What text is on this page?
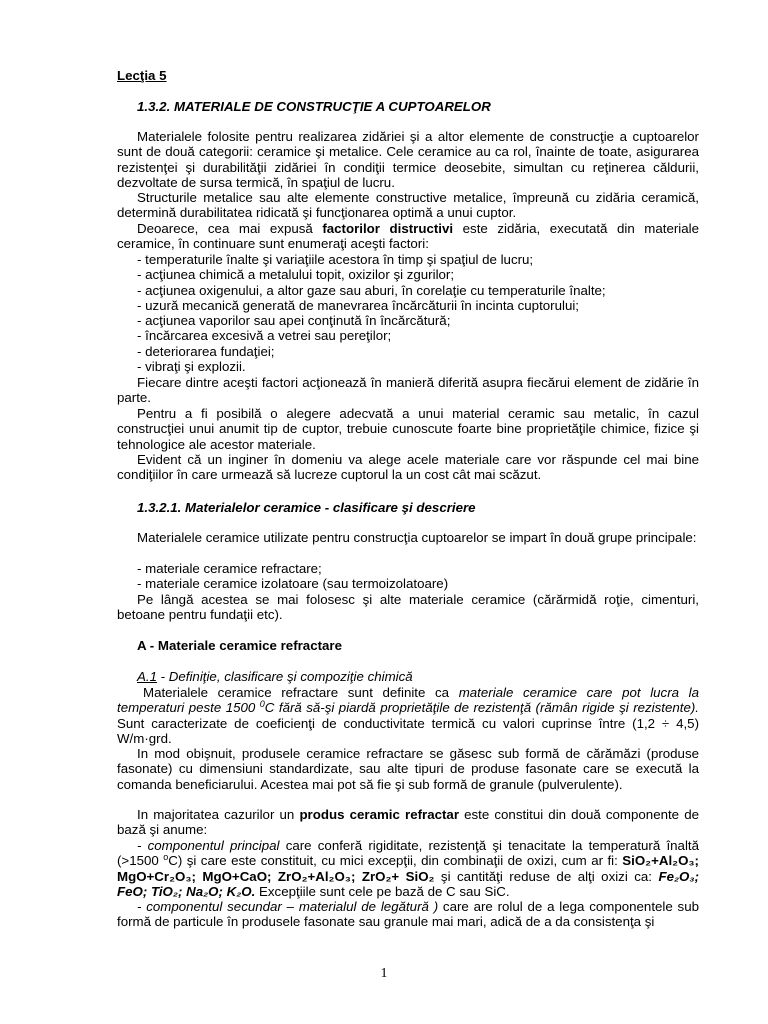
Lecţia 5

1.3.2. MATERIALE DE CONSTRUCŢIE A CUPTOARELOR

Materialele folosite pentru realizarea zidăriei şi a altor elemente de construcţie a cuptoarelor sunt de două categorii: ceramice şi metalice. Cele ceramice au ca rol, înainte de toate, asigurarea rezistenţei şi durabilităţii zidăriei în condiţii termice deosebite, simultan cu reţinerea căldurii, dezvoltate de sursa termică, în spaţiul de lucru.

Structurile metalice sau alte elemente constructive metalice, împreună cu zidăria ceramică, determină durabilitatea ridicată şi funcţionarea optimă a unui cuptor.

Deoarece, cea mai expusă factorilor distructivi este zidăria, executată din materiale ceramice, în continuare sunt enumeraţi aceşti factori:

- temperaturile înalte şi variaţiile acestora în timp şi spaţiul de lucru;
- acţiunea chimică a metalului topit, oxizilor şi zgurilor;
- acţiunea oxigenului, a altor gaze sau aburi, în corelaţie cu temperaturile înalte;
- uzură mecanică generată de manevrarea încărcăturii în incinta cuptorului;
- acţiunea vaporilor sau apei conţinută în încărcătură;
- încărcarea excesivă a vetrei sau pereţilor;
- deteriorarea fundaţiei;
- vibraţi şi explozii.

Fiecare dintre aceşti factori acţionează în manieră diferită asupra fiecărui element de zidărie în parte.

Pentru a fi posibilă o alegere adecvată a unui material ceramic sau metalic, în cazul construcţiei unui anumit tip de cuptor, trebuie cunoscute foarte bine proprietăţile chimice, fizice şi tehnologice ale acestor materiale.

Evident că un inginer în domeniu va alege acele materiale care vor răspunde cel mai bine condiţiilor în care urmează să lucreze cuptorul la un cost cât mai scăzut.

1.3.2.1. Materialelor ceramice - clasificare şi descriere

Materialele ceramice utilizate pentru construcţia cuptoarelor se impart în două grupe principale:

- materiale ceramice refractare;
- materiale ceramice izolatoare (sau termoizolatoare)

Pe lângă acestea se mai folosesc şi alte materiale ceramice (cărărmidă roţie, cimenturi, betoane pentru fundaţii etc).

A - Materiale ceramice refractare

A.1 - Definiţie, clasificare şi compoziţie chimică

Materialele ceramice refractare sunt definite ca materiale ceramice care pot lucra la temperaturi peste 1500 $^0$C fără să-şi piardă proprietăţile de rezistenţă (rămân rigide şi rezistente). Sunt caracterizate de coeficienţi de conductivitate termică cu valori cuprinse între (1,2 ÷ 4,5) W/m·grd.

In mod obişnuit, produsele ceramice refractare se găsesc sub formă de cărămăzi (produse fasonate) cu dimensiuni standardizate, sau alte tipuri de produse fasonate care se execută la comanda beneficiarului. Acestea mai pot să fie şi sub formă de granule (pulverulente).

In majoritatea cazurilor un produs ceramic refractar este constitui din două componente de bază şi anume:

- componentul principal care conferă rigiditate, rezistenţă şi tenacitate la temperatură înaltă (>1500 $^o$C) şi care este constituit, cu mici excepţii, din combinaţii de oxizi, cum ar fi: SiO₂+Al₂O₃; MgO+Cr₂O₃; MgO+CaO; ZrO₂+Al₂O₃; ZrO₂+ SiO₂ şi cantităţi reduse de alţi oxizi ca: Fe₂O₃; FeO; TiO₂; Na₂O; K₂O. Excepţiile sunt cele pe bază de C sau SiC.

- componentul secundar – materialul de legătură ) care are rolul de a lega componentele sub formă de particule în produsele fasonate sau granule mai mari, adică de a da consistenţa şi

1
